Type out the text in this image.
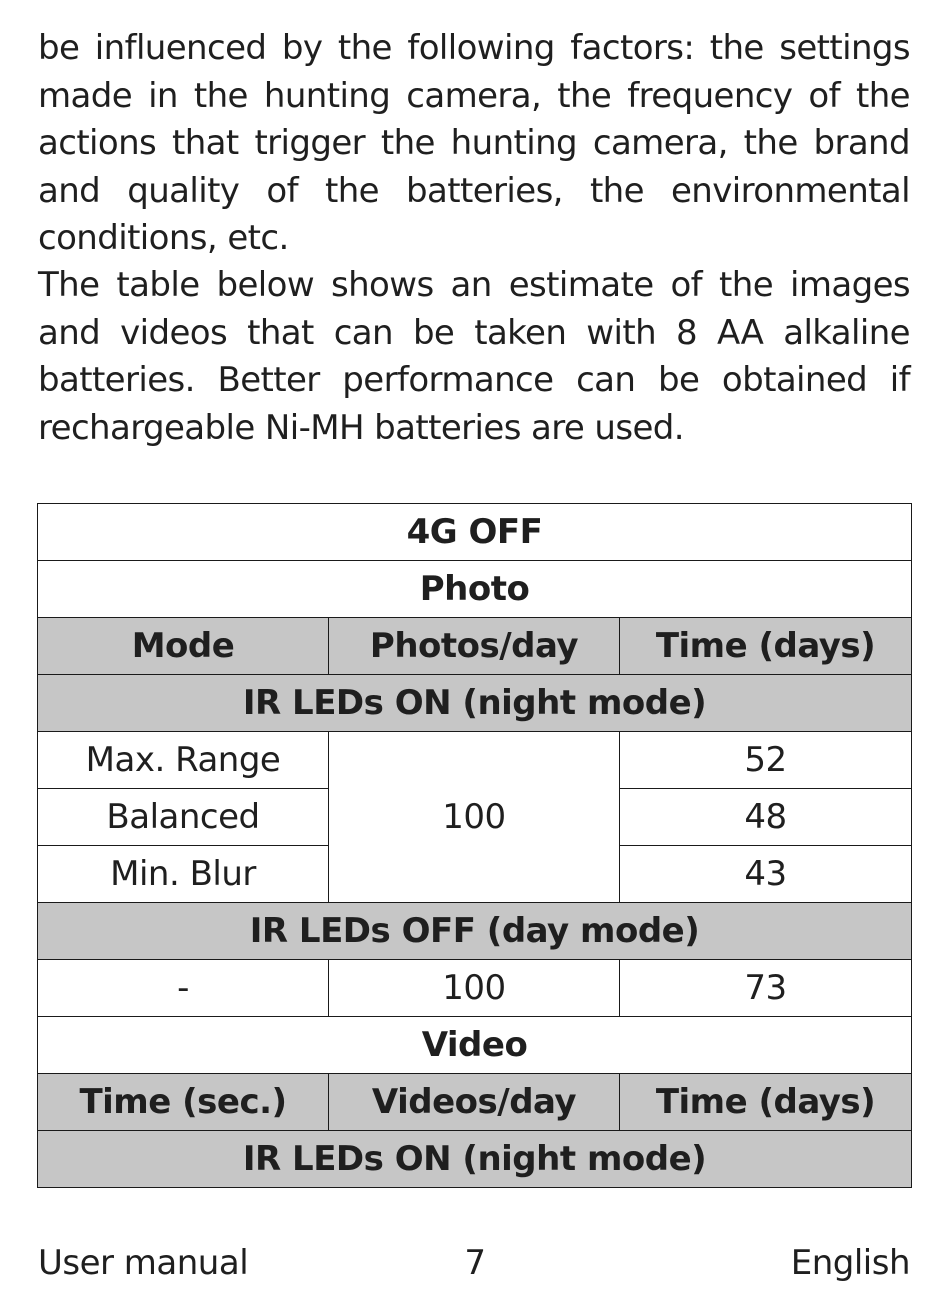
be influenced by the following factors: the settings made in the hunting camera, the frequency of the actions that trigger the hunting camera, the brand and quality of the batteries, the environmental conditions, etc.

The table below shows an estimate of the images and videos that can be taken with 8 AA alkaline batteries. Better performance can be obtained if rechargeable Ni-MH batteries are used.

4G OFF		
Photo		
Mode	Photos/day	Time (days)
IR LEDs ON (night mode)		
Max. Range	100	52
Balanced		48
Min. Blur		43
IR LEDs OFF (day mode)		
-	100	73
Video		
Time (sec.)	Videos/day	Time (days)
IR LEDs ON (night mode)		
7
User manual	English
